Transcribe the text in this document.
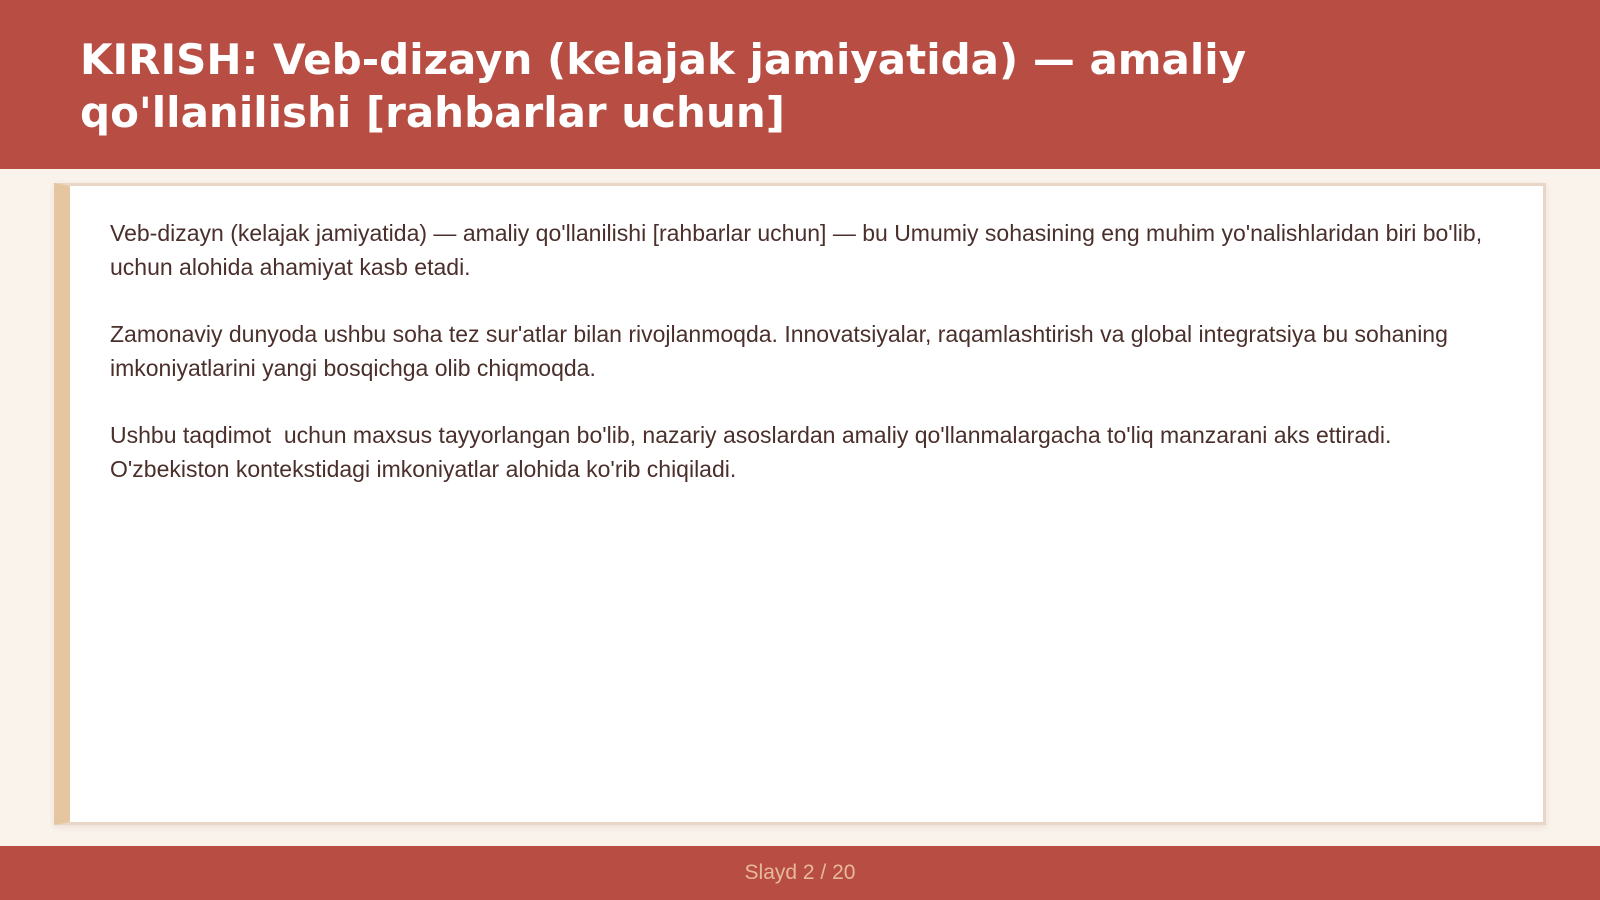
KIRISH: Veb-dizayn (kelajak jamiyatida) — amaliy qo'llanilishi [rahbarlar uchun]

Veb-dizayn (kelajak jamiyatida) — amaliy qo'llanilishi [rahbarlar uchun] — bu Umumiy sohasining eng muhim yo'nalishlaridan biri bo'lib,  uchun alohida ahamiyat kasb etadi.

Zamonaviy dunyoda ushbu soha tez sur'atlar bilan rivojlanmoqda. Innovatsiyalar, raqamlashtirish va global integratsiya bu sohaning imkoniyatlarini yangi bosqichga olib chiqmoqda.

Ushbu taqdimot  uchun maxsus tayyorlangan bo'lib, nazariy asoslardan amaliy qo'llanmalargacha to'liq manzarani aks ettiradi. O'zbekiston kontekstidagi imkoniyatlar alohida ko'rib chiqiladi.

Slayd 2 / 20
